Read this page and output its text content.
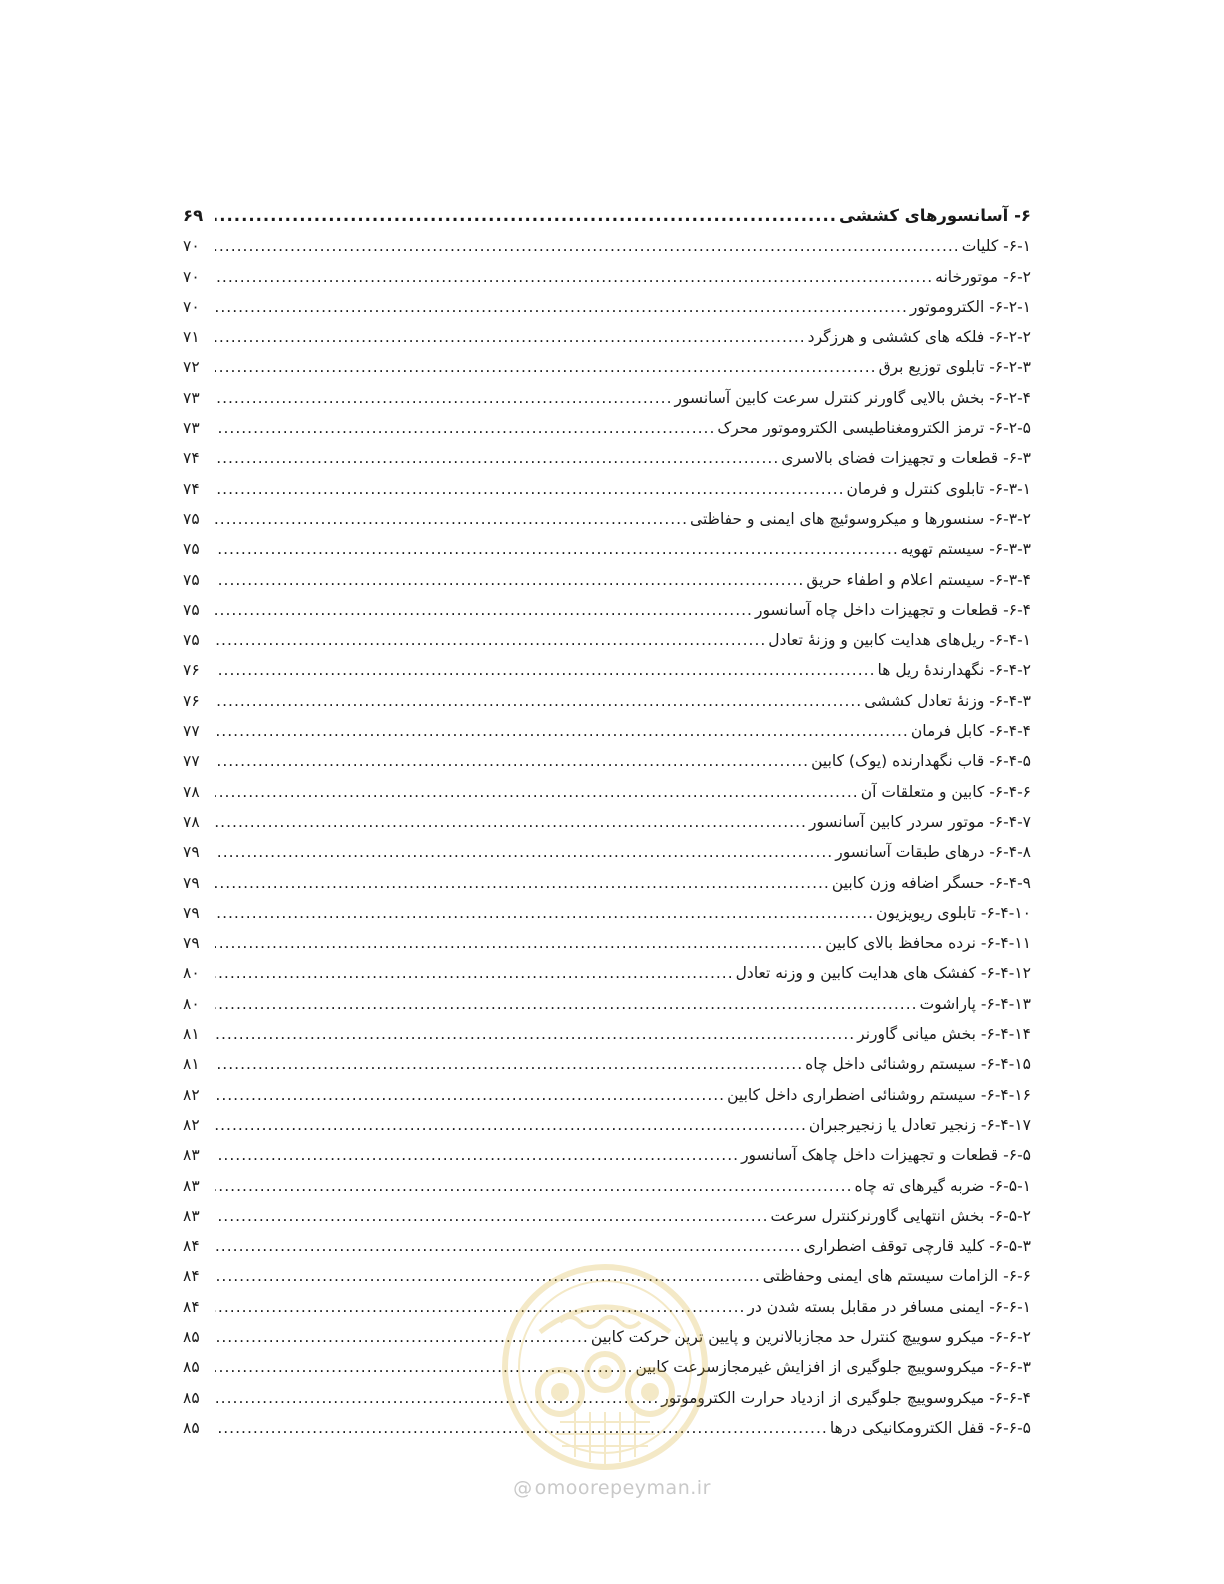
۶- آسانسورهای کششی
.....
۶۹
۶-۱- کلیات
.....
۷۰
۶-۲- موتورخانه
.....
۷۰
۶-۲-۱- الکتروموتور
.....
۷۰
۶-۲-۲- فلکه های کششی و هرزگرد
.....
۷۱
۶-۲-۳- تابلوی توزیع برق
.....
۷۲
۶-۲-۴- بخش بالایی گاورنر کنترل سرعت کابین آسانسور
.....
۷۳
۶-۲-۵- ترمز الکترومغناطیسی الکتروموتور محرک
.....
۷۳
۶-۳- قطعات و تجهیزات فضای بالاسری
.....
۷۴
۶-۳-۱- تابلوی کنترل و فرمان
.....
۷۴
۶-۳-۲- سنسورها و میکروسوئیچ های ایمنی و حفاظتی
.....
۷۵
۶-۳-۳- سیستم تهویه
.....
۷۵
۶-۳-۴- سیستم اعلام و اطفاء حریق
.....
۷۵
۶-۴- قطعات و تجهیزات داخل چاه آسانسور
.....
۷۵
۶-۴-۱- ریل‌های هدایت کابین و وزنهٔ تعادل
.....
۷۵
۶-۴-۲- نگهدارندهٔ ریل ها
.....
۷۶
۶-۴-۳- وزنهٔ تعادل کششی
.....
۷۶
۶-۴-۴- کابل فرمان
.....
۷۷
۶-۴-۵- قاب نگهدارنده (یوک) کابین
.....
۷۷
۶-۴-۶- کابین و متعلقات آن
.....
۷۸
۶-۴-۷- موتور سردر کابین آسانسور
.....
۷۸
۶-۴-۸- درهای طبقات آسانسور
.....
۷۹
۶-۴-۹- حسگر اضافه وزن کابین
.....
۷۹
۶-۴-۱۰- تابلوی ریویزیون
.....
۷۹
۶-۴-۱۱- نرده محافظ بالای کابین
.....
۷۹
۶-۴-۱۲- کفشک های هدایت کابین و وزنه تعادل
.....
۸۰
۶-۴-۱۳- پاراشوت
.....
۸۰
۶-۴-۱۴- بخش میانی گاورنر
.....
۸۱
۶-۴-۱۵- سیستم روشنائی داخل چاه
.....
۸۱
۶-۴-۱۶- سیستم روشنائی اضطراری داخل کابین
.....
۸۲
۶-۴-۱۷- زنجیر تعادل یا زنجیرجبران
.....
۸۲
۶-۵- قطعات و تجهیزات داخل چاهک آسانسور
.....
۸۳
۶-۵-۱- ضربه گیرهای ته چاه
.....
۸۳
۶-۵-۲- بخش انتهایی گاورنرکنترل سرعت
.....
۸۳
۶-۵-۳- کلید قارچی توقف اضطراری
.....
۸۴
۶-۶- الزامات سیستم های ایمنی وحفاظتی
.....
۸۴
۶-۶-۱- ایمنی مسافر در مقابل بسته شدن در
.....
۸۴
۶-۶-۲- میکرو سوییچ کنترل حد مجازبالانرین و پایین ترین حرکت کابین
.....
۸۵
۶-۶-۳- میکروسوییچ جلوگیری از افزایش غیرمجازسرعت کابین
.....
۸۵
۶-۶-۴- میکروسوییچ جلوگیری از ازدیاد حرارت الکتروموتور
.....
۸۵
۶-۶-۵- قفل الکترومکانیکی درها
.....
۸۵
@ omoorepeyman.ir
